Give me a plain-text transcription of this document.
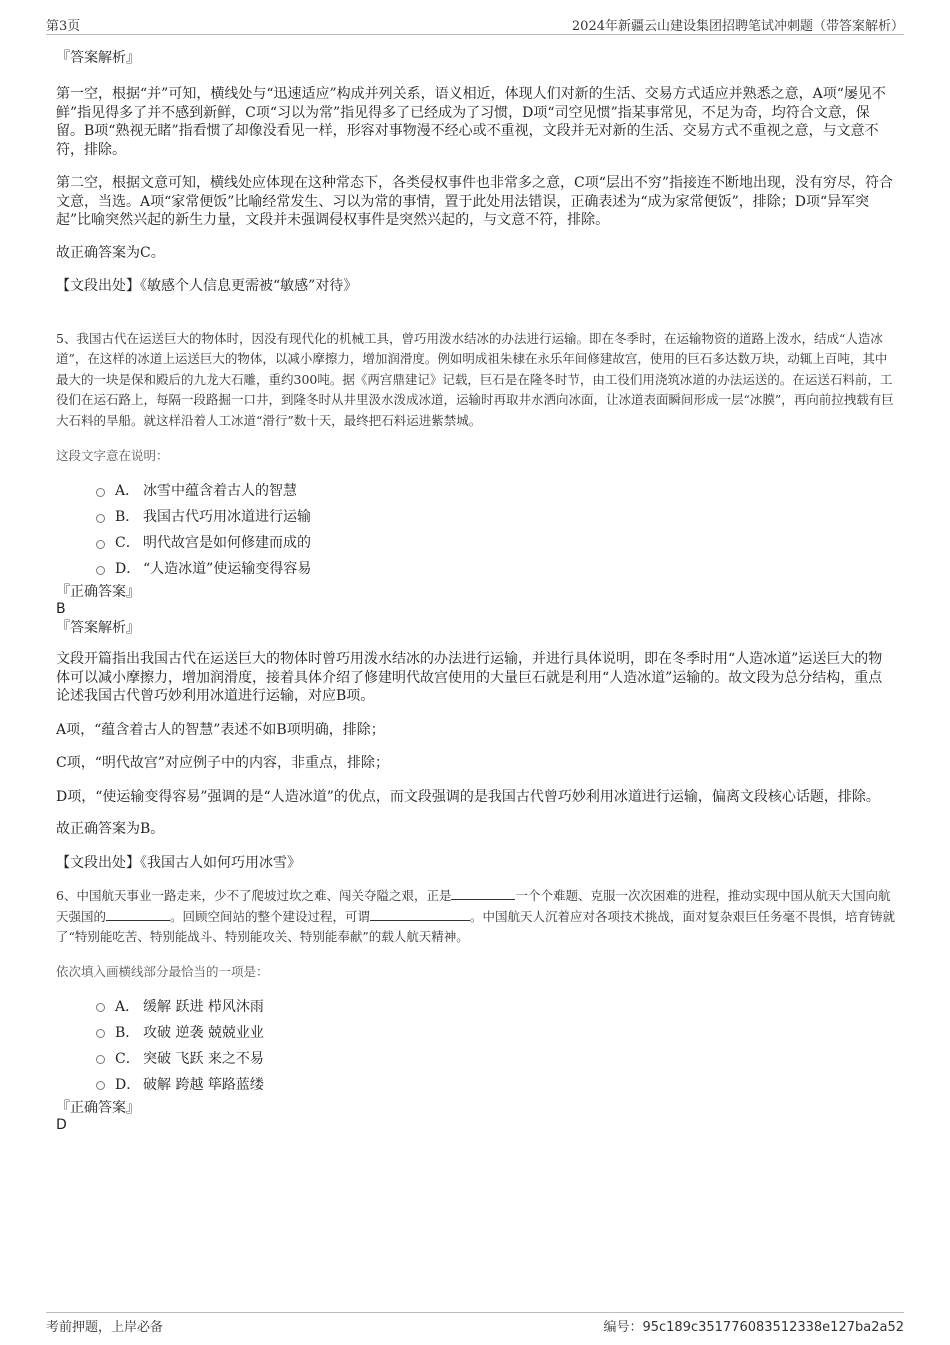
第3页	2024年新疆云山建设集团招聘笔试冲刺题（带答案解析）

『答案解析』

第一空，根据“并”可知，横线处与“迅速适应”构成并列关系，语义相近，体现人们对新的生活、交易方式适应并熟悉之意，A项“屡见不鲜”指见得多了并不感到新鲜，C项“习以为常”指见得多了已经成为了习惯，D项“司空见惯”指某事常见，不足为奇，均符合文意，保留。B项“熟视无睹”指看惯了却像没看见一样，形容对事物漫不经心或不重视，文段并无对新的生活、交易方式不重视之意，与文意不符，排除。

第二空，根据文意可知，横线处应体现在这种常态下，各类侵权事件也非常多之意，C项“层出不穷”指接连不断地出现，没有穷尽，符合文意，当选。A项“家常便饭”比喻经常发生、习以为常的事情，置于此处用法错误，正确表述为“成为家常便饭”，排除；D项“异军突起”比喻突然兴起的新生力量，文段并未强调侵权事件是突然兴起的，与文意不符，排除。

故正确答案为C。

【文段出处】《敏感个人信息更需被“敏感”对待》

5、我国古代在运送巨大的物体时，因没有现代化的机械工具，曾巧用泼水结冰的办法进行运输。即在冬季时，在运输物资的道路上泼水，结成“人造冰道”，在这样的冰道上运送巨大的物体，以减小摩擦力，增加润滑度。例如明成祖朱棣在永乐年间修建故宫，使用的巨石多达数万块，动辄上百吨，其中最大的一块是保和殿后的九龙大石雕，重约300吨。据《两宫鼎建记》记载，巨石是在隆冬时节，由工役们用浇筑冰道的办法运送的。在运送石料前，工役们在运石路上，每隔一段路掘一口井，到隆冬时从井里汲水泼成冰道，运输时再取井水洒向冰面，让冰道表面瞬间形成一层“冰膜”，再向前拉拽载有巨大石料的旱船。就这样沿着人工冰道“滑行”数十天，最终把石料运进紫禁城。

这段文字意在说明：

A． 冰雪中蕴含着古人的智慧
B． 我国古代巧用冰道进行运输
C． 明代故宫是如何修建而成的
D． “人造冰道”使运输变得容易

『正确答案』

B

『答案解析』

文段开篇指出我国古代在运送巨大的物体时曾巧用泼水结冰的办法进行运输，并进行具体说明，即在冬季时用“人造冰道”运送巨大的物体可以减小摩擦力，增加润滑度，接着具体介绍了修建明代故宫使用的大量巨石就是利用“人造冰道”运输的。故文段为总分结构，重点论述我国古代曾巧妙利用冰道进行运输，对应B项。

A项，“蕴含着古人的智慧”表述不如B项明确，排除；

C项，“明代故宫”对应例子中的内容，非重点，排除；

D项，“使运输变得容易”强调的是“人造冰道”的优点，而文段强调的是我国古代曾巧妙利用冰道进行运输，偏离文段核心话题，排除。

故正确答案为B。

【文段出处】《我国古人如何巧用冰雪》

6、中国航天事业一路走来，少不了爬坡过坎之难、闯关夺隘之艰，正是	一个个难题、克服一次次困难的进程，推动实现中国从航天大国向航天强国的	。回顾空间站的整个建设过程，可谓	。中国航天人沉着应对各项技术挑战，面对复杂艰巨任务毫不畏惧，培育铸就了“特别能吃苦、特别能战斗、特别能攻关、特别能奉献”的载人航天精神。

依次填入画横线部分最恰当的一项是：

A． 缓解 跃进 栉风沐雨
B． 攻破 逆袭 兢兢业业
C． 突破 飞跃 来之不易
D． 破解 跨越 筚路蓝缕

『正确答案』

D

考前押题，上岸必备	编号：95c189c351776083512338e127ba2a52
